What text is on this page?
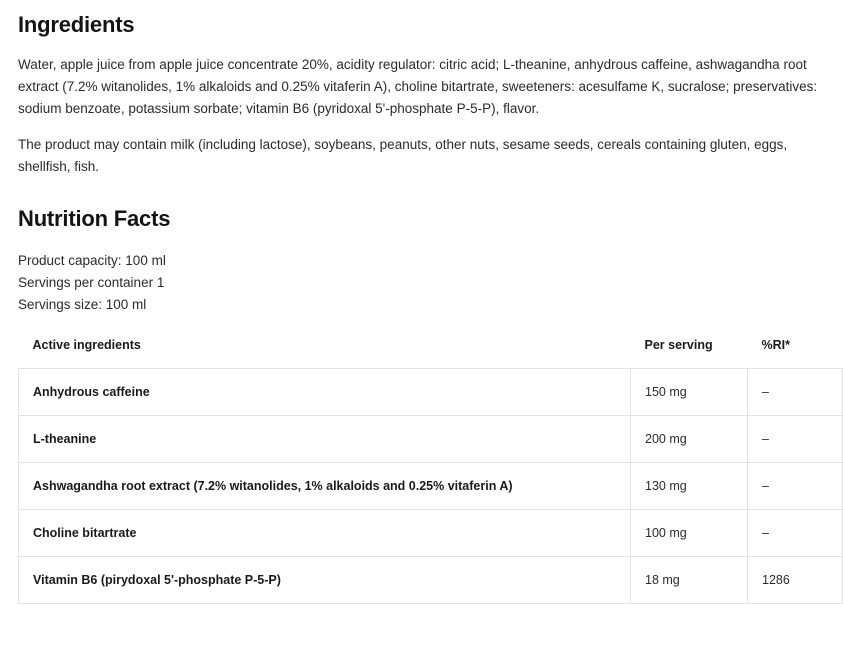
Ingredients

Water, apple juice from apple juice concentrate 20%, acidity regulator: citric acid; L-theanine, anhydrous caffeine, ashwagandha root extract (7.2% witanolides, 1% alkaloids and 0.25% vitaferin A), choline bitartrate, sweeteners: acesulfame K, sucralose; preservatives: sodium benzoate, potassium sorbate; vitamin B6 (pyridoxal 5'-phosphate P-5-P), flavor.

The product may contain milk (including lactose), soybeans, peanuts, other nuts, sesame seeds, cereals containing gluten, eggs, shellfish, fish.

Nutrition Facts
Product capacity: 100 ml
Servings per container 1
Servings size: 100 ml
Active ingredients	Per serving	%RI*
Anhydrous caffeine	150 mg	–
L-theanine	200 mg	–
Ashwagandha root extract (7.2% witanolides, 1% alkaloids and 0.25% vitaferin A)	130 mg	–
Choline bitartrate	100 mg	–
Vitamin B6 (pirydoxal 5'-phosphate P-5-P)	18 mg	1286
